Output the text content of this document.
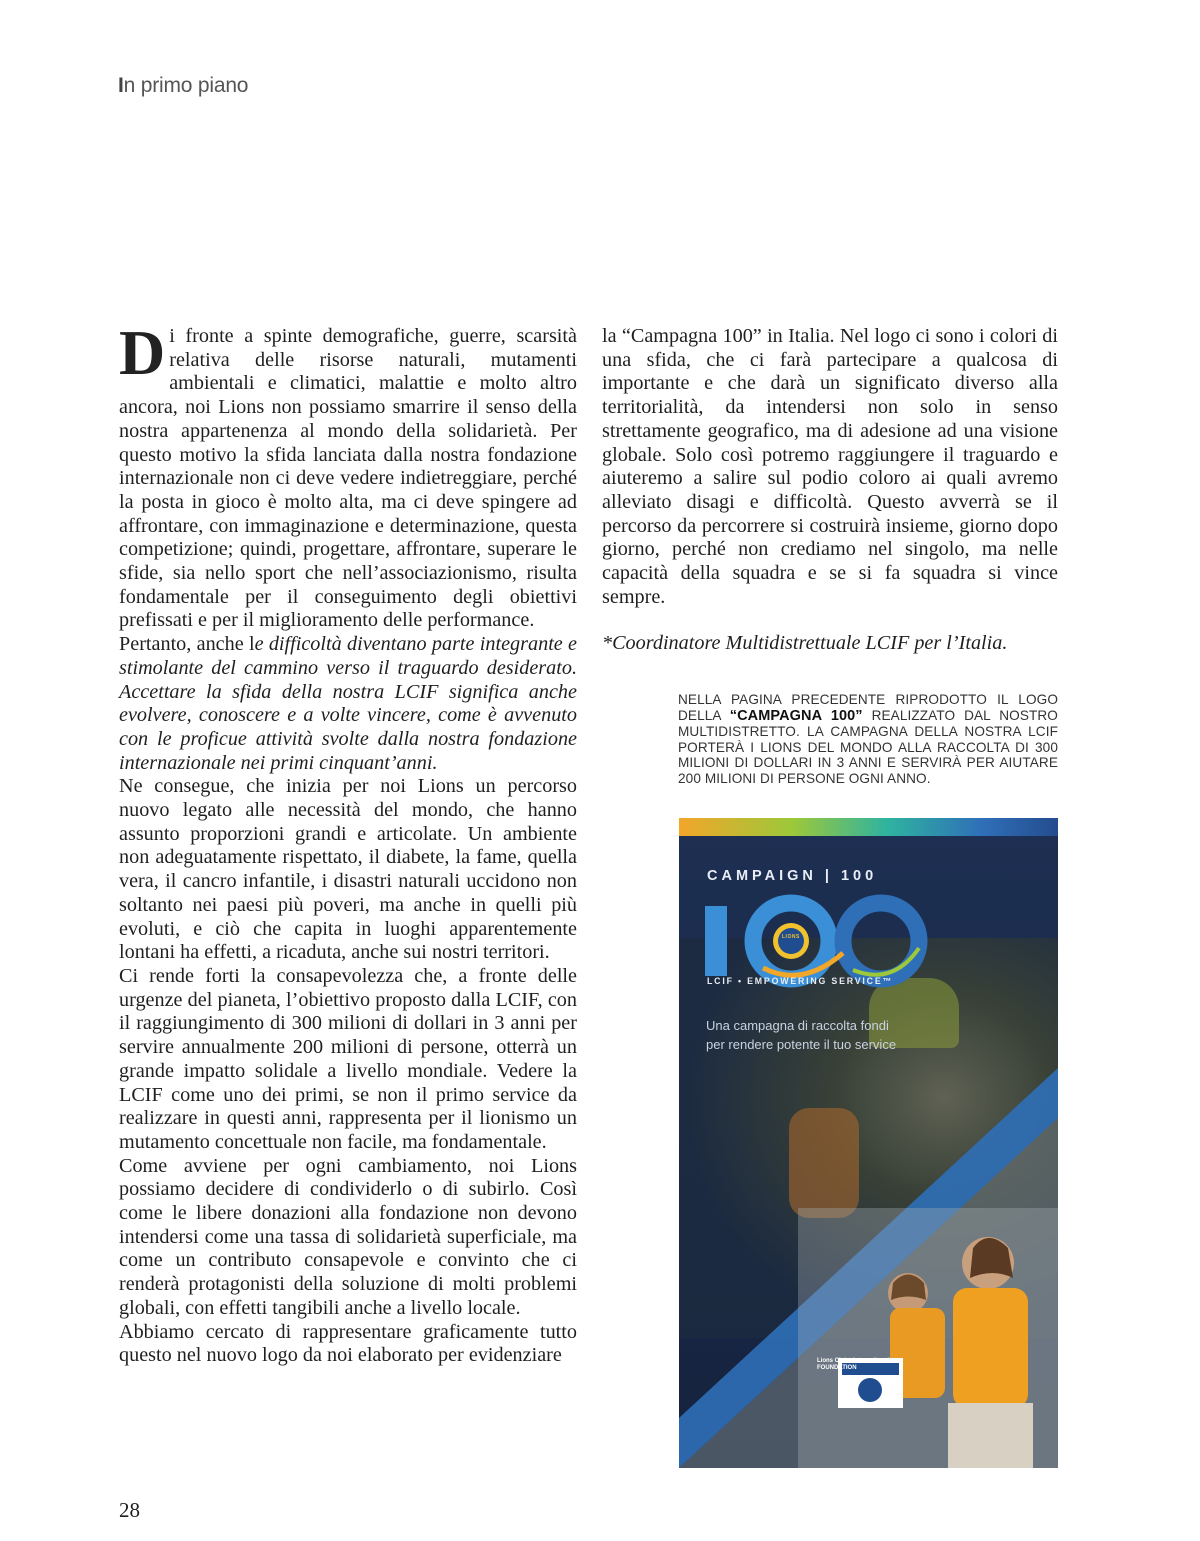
In primo piano

Di fronte a spinte demografiche, guerre, scarsità relativa delle risorse naturali, mutamenti ambientali e climatici, malattie e molto altro ancora, noi Lions non possiamo smarrire il senso della nostra appartenenza al mondo della solidarietà. Per questo motivo la sfida lanciata dalla nostra fondazione internazionale non ci deve vedere indietreggiare, perché la posta in gioco è molto alta, ma ci deve spingere ad affrontare, con immaginazione e determinazione, questa competizione; quindi, progettare, affrontare, superare le sfide, sia nello sport che nell’associazionismo, risulta fondamentale per il conseguimento degli obiettivi prefissati e per il miglioramento delle performance.

Pertanto, anche le difficoltà diventano parte integrante e stimolante del cammino verso il traguardo desiderato. Accettare la sfida della nostra LCIF significa anche evolvere, conoscere e a volte vincere, come è avvenuto con le proficue attività svolte dalla nostra fondazione internazionale nei primi cinquant’anni.

Ne consegue, che inizia per noi Lions un percorso nuovo legato alle necessità del mondo, che hanno assunto proporzioni grandi e articolate. Un ambiente non adeguatamente rispettato, il diabete, la fame, quella vera, il cancro infantile, i disastri naturali uccidono non soltanto nei paesi più poveri, ma anche in quelli più evoluti, e ciò che capita in luoghi apparentemente lontani ha effetti, a ricaduta, anche sui nostri territori.

Ci rende forti la consapevolezza che, a fronte delle urgenze del pianeta, l’obiettivo proposto dalla LCIF, con il raggiungimento di 300 milioni di dollari in 3 anni per servire annualmente 200 milioni di persone, otterrà un grande impatto solidale a livello mondiale. Vedere la LCIF come uno dei primi, se non il primo service da realizzare in questi anni, rappresenta per il lionismo un mutamento concettuale non facile, ma fondamentale.

Come avviene per ogni cambiamento, noi Lions possiamo decidere di condividerlo o di subirlo. Così come le libere donazioni alla fondazione non devono intendersi come una tassa di solidarietà superficiale, ma come un contributo consapevole e convinto che ci renderà protagonisti della soluzione di molti problemi globali, con effetti tangibili anche a livello locale.

Abbiamo cercato di rappresentare graficamente tutto questo nel nuovo logo da noi elaborato per evidenziare

la “Campagna 100” in Italia. Nel logo ci sono i colori di una sfida, che ci farà partecipare a qualcosa di importante e che darà un significato diverso alla territorialità, da intendersi non solo in senso strettamente geografico, ma di adesione ad una visione globale. Solo così potremo raggiungere il traguardo e aiuteremo a salire sul podio coloro ai quali avremo alleviato disagi e difficoltà. Questo avverrà se il percorso da percorrere si costruirà insieme, giorno dopo giorno, perché non crediamo nel singolo, ma nelle capacità della squadra e se si fa squadra si vince sempre.

*Coordinatore Multidistrettuale LCIF per l’Italia.

NELLA PAGINA PRECEDENTE RIPRODOTTO IL LOGO DELLA “CAMPAGNA 100” REALIZZATO DAL NOSTRO MULTIDISTRETTO. LA CAMPAGNA DELLA NOSTRA LCIF PORTERÀ I LIONS DEL MONDO ALLA RACCOLTA DI 300 MILIONI DI DOLLARI IN 3 ANNI E SERVIRÀ PER AIUTARE 200 MILIONI DI PERSONE OGNI ANNO.
CAMPAIGN | 100
LIONS
LCIF • EMPOWERING SERVICE™
Una campagna di raccolta fondi
per rendere potente il tuo service
Lions Clubs International FOUNDATION
28
